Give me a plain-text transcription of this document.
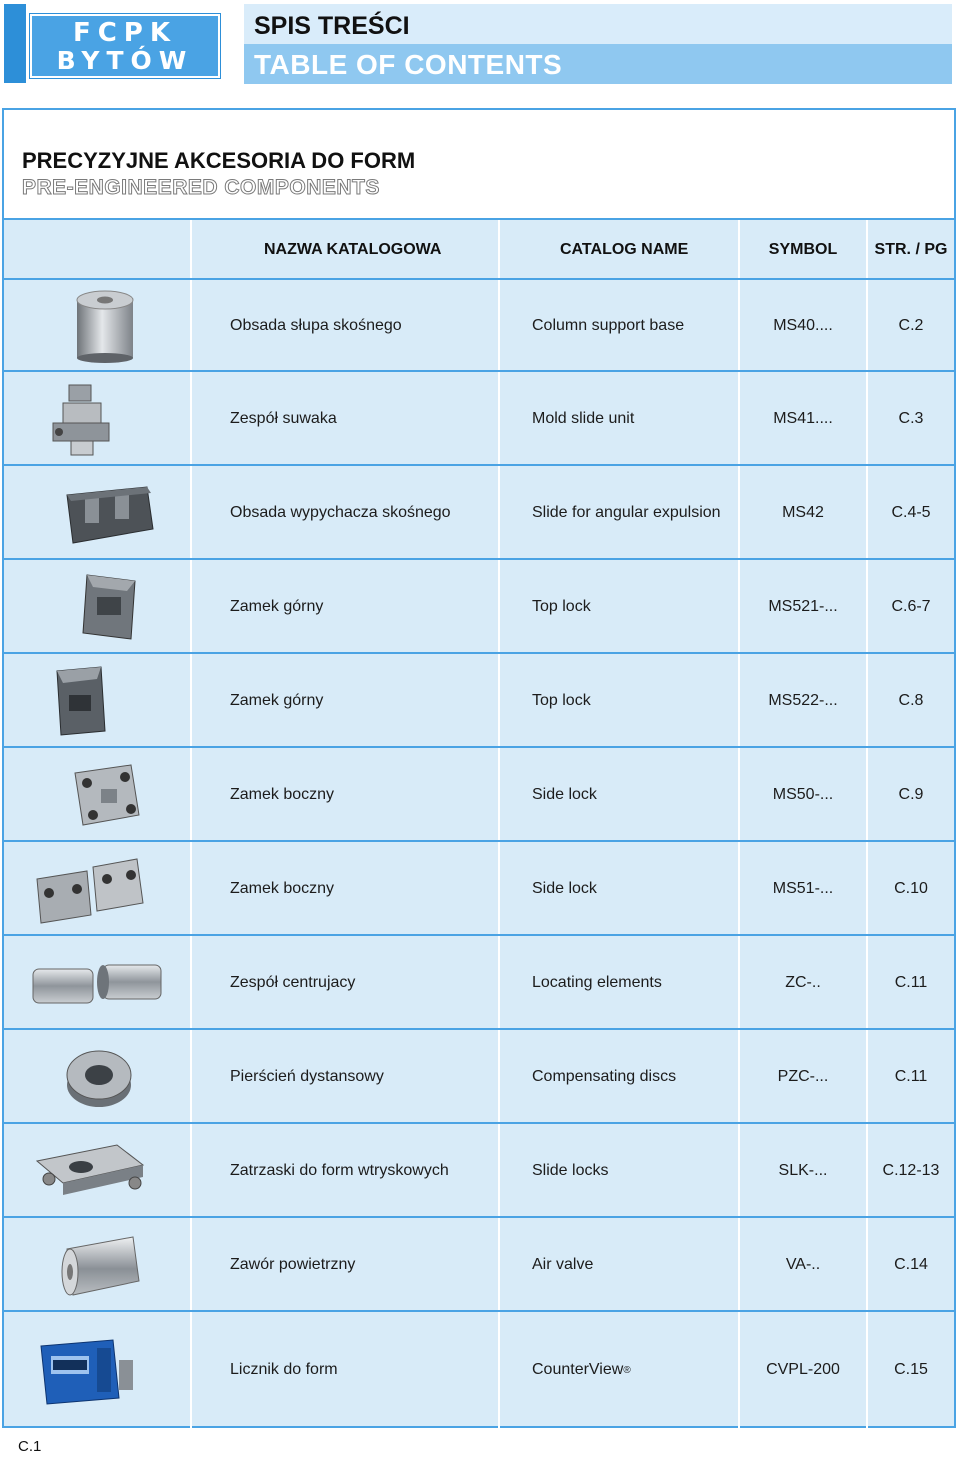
FCPK
BYTÓW
SPIS TREŚCI
TABLE OF CONTENTS
PRECYZYJNE AKCESORIA DO FORM
PRE-ENGINEERED COMPONENTS
NAZWA KATALOGOWA	CATALOG NAME	SYMBOL	STR. / PG
Obsada słupa skośnego	Column support base	MS40....	C.2
Zespół suwaka	Mold slide unit	MS41....	C.3
Obsada wypychacza skośnego	Slide for angular expulsion	MS42	C.4-5
Zamek górny	Top lock	MS521-...	C.6-7
Zamek górny	Top lock	MS522-...	C.8
Zamek boczny	Side lock	MS50-...	C.9
Zamek boczny	Side lock	MS51-...	C.10
Zespół centrujacy	Locating elements	ZC-..	C.11
Pierścień dystansowy	Compensating discs	PZC-...	C.11
Zatrzaski do form wtryskowych	Slide locks	SLK-...	C.12-13
Zawór powietrzny	Air valve	VA-..	C.14
Licznik do form	CounterView ®	CVPL-200	C.15
C.1
